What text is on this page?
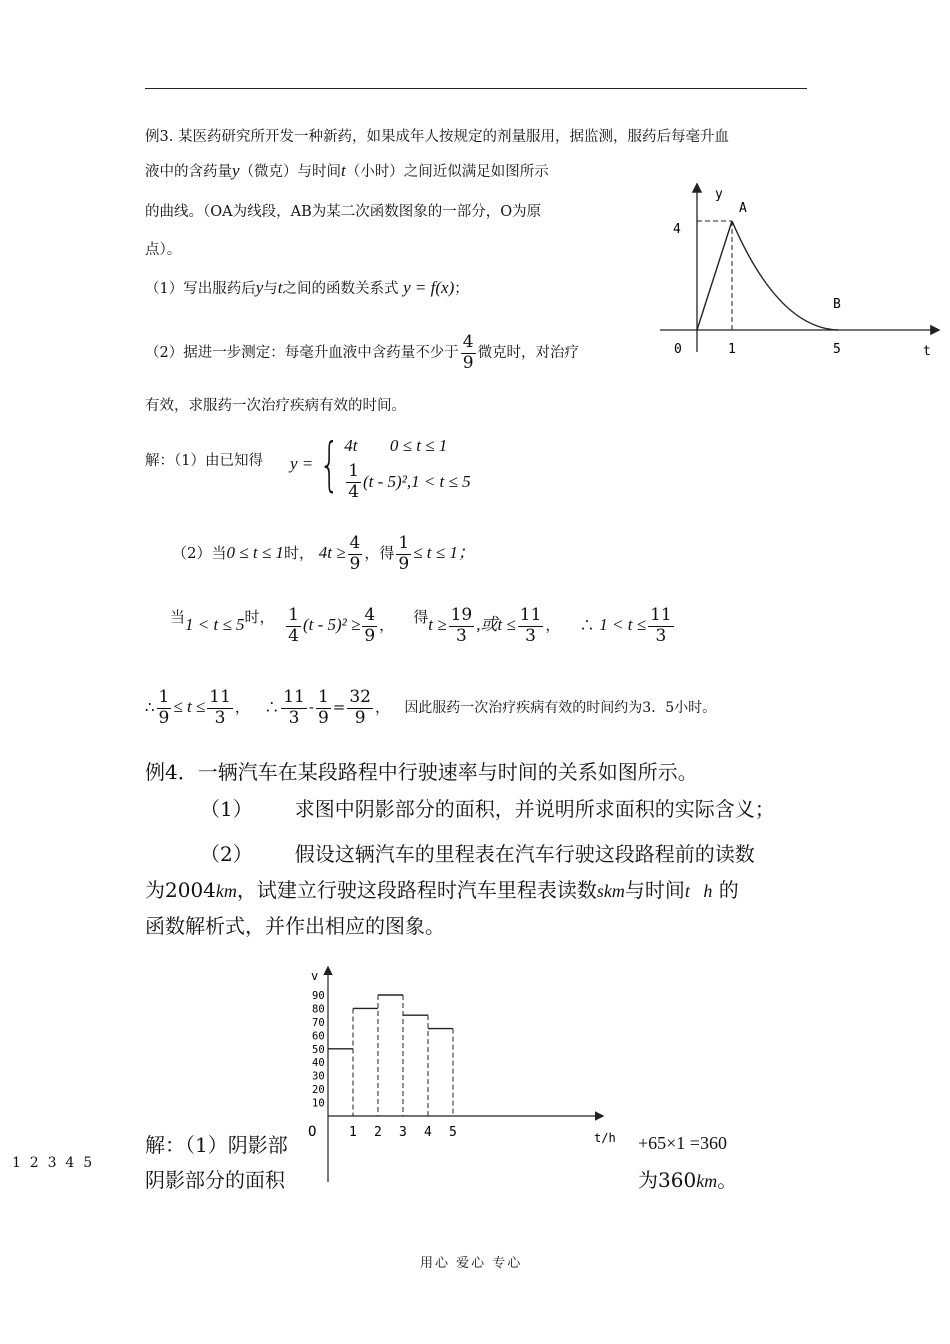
例3. 某医药研究所开发一种新药，如果成年人按规定的剂量服用，据监测，服药后每毫升血
液中的含药量y（微克）与时间t（小时）之间近似满足如图所示
的曲线。（OA为线段，AB为某二次函数图象的一部分，O为原
点）。
（1）写出服药后y与t之间的函数关系式 y = f(x)；
（2）据进一步测定：每毫升血液中含药量不少于 $\frac{4}{9}$ 微克时，对治疗
有效，求服药一次治疗疾病有效的时间。
y
A
4
B
0	1	5	t
解：（1）由已知得 y = { 4t
0 ≤ t ≤ 1
$\frac{1}{4} (t - 5)^2,1 < t \le 5$
（2）当0 ≤ t ≤ 1时， $4t \ge \frac{4}{9}$ ，得 $\frac{1}{9} \le t \le 1$；
当1 < t ≤ 5时， $\frac{1}{4} (t - 5)^2 \ge \frac{4}{9}$ ，    得$t \ge \frac{19}{3}$ ,或$t \le \frac{11}{3}$ ，    ∴ $1 < t \le \frac{11}{3}$
∴ $\frac{1}{9} \le t \le \frac{11}{3}$ ，   ∴ $\frac{11}{3} - \frac{1}{9} = \frac{32}{9}$ ，   因此服药一次治疗疾病有效的时间约为3．5小时。
例4．一辆汽车在某段路程中行驶速率与时间的关系如图所示。
（1） 求图中阴影部分的面积，并说明所求面积的实际含义；
（2） 假设这辆汽车的里程表在汽车行驶这段路程前的读数
为2004km，试建立行驶这段路程时汽车里程表读数skm与时间t   h 的
函数解析式，并作出相应的图象。
解：（1）阴影部	+65×1 =360
阴影部分的面积	为360km。
1  2  3  4  5
v
O	t/h
10
20
30
40
50
60
70
80
90
1 2 3 4 5
用心 爱心 专心
